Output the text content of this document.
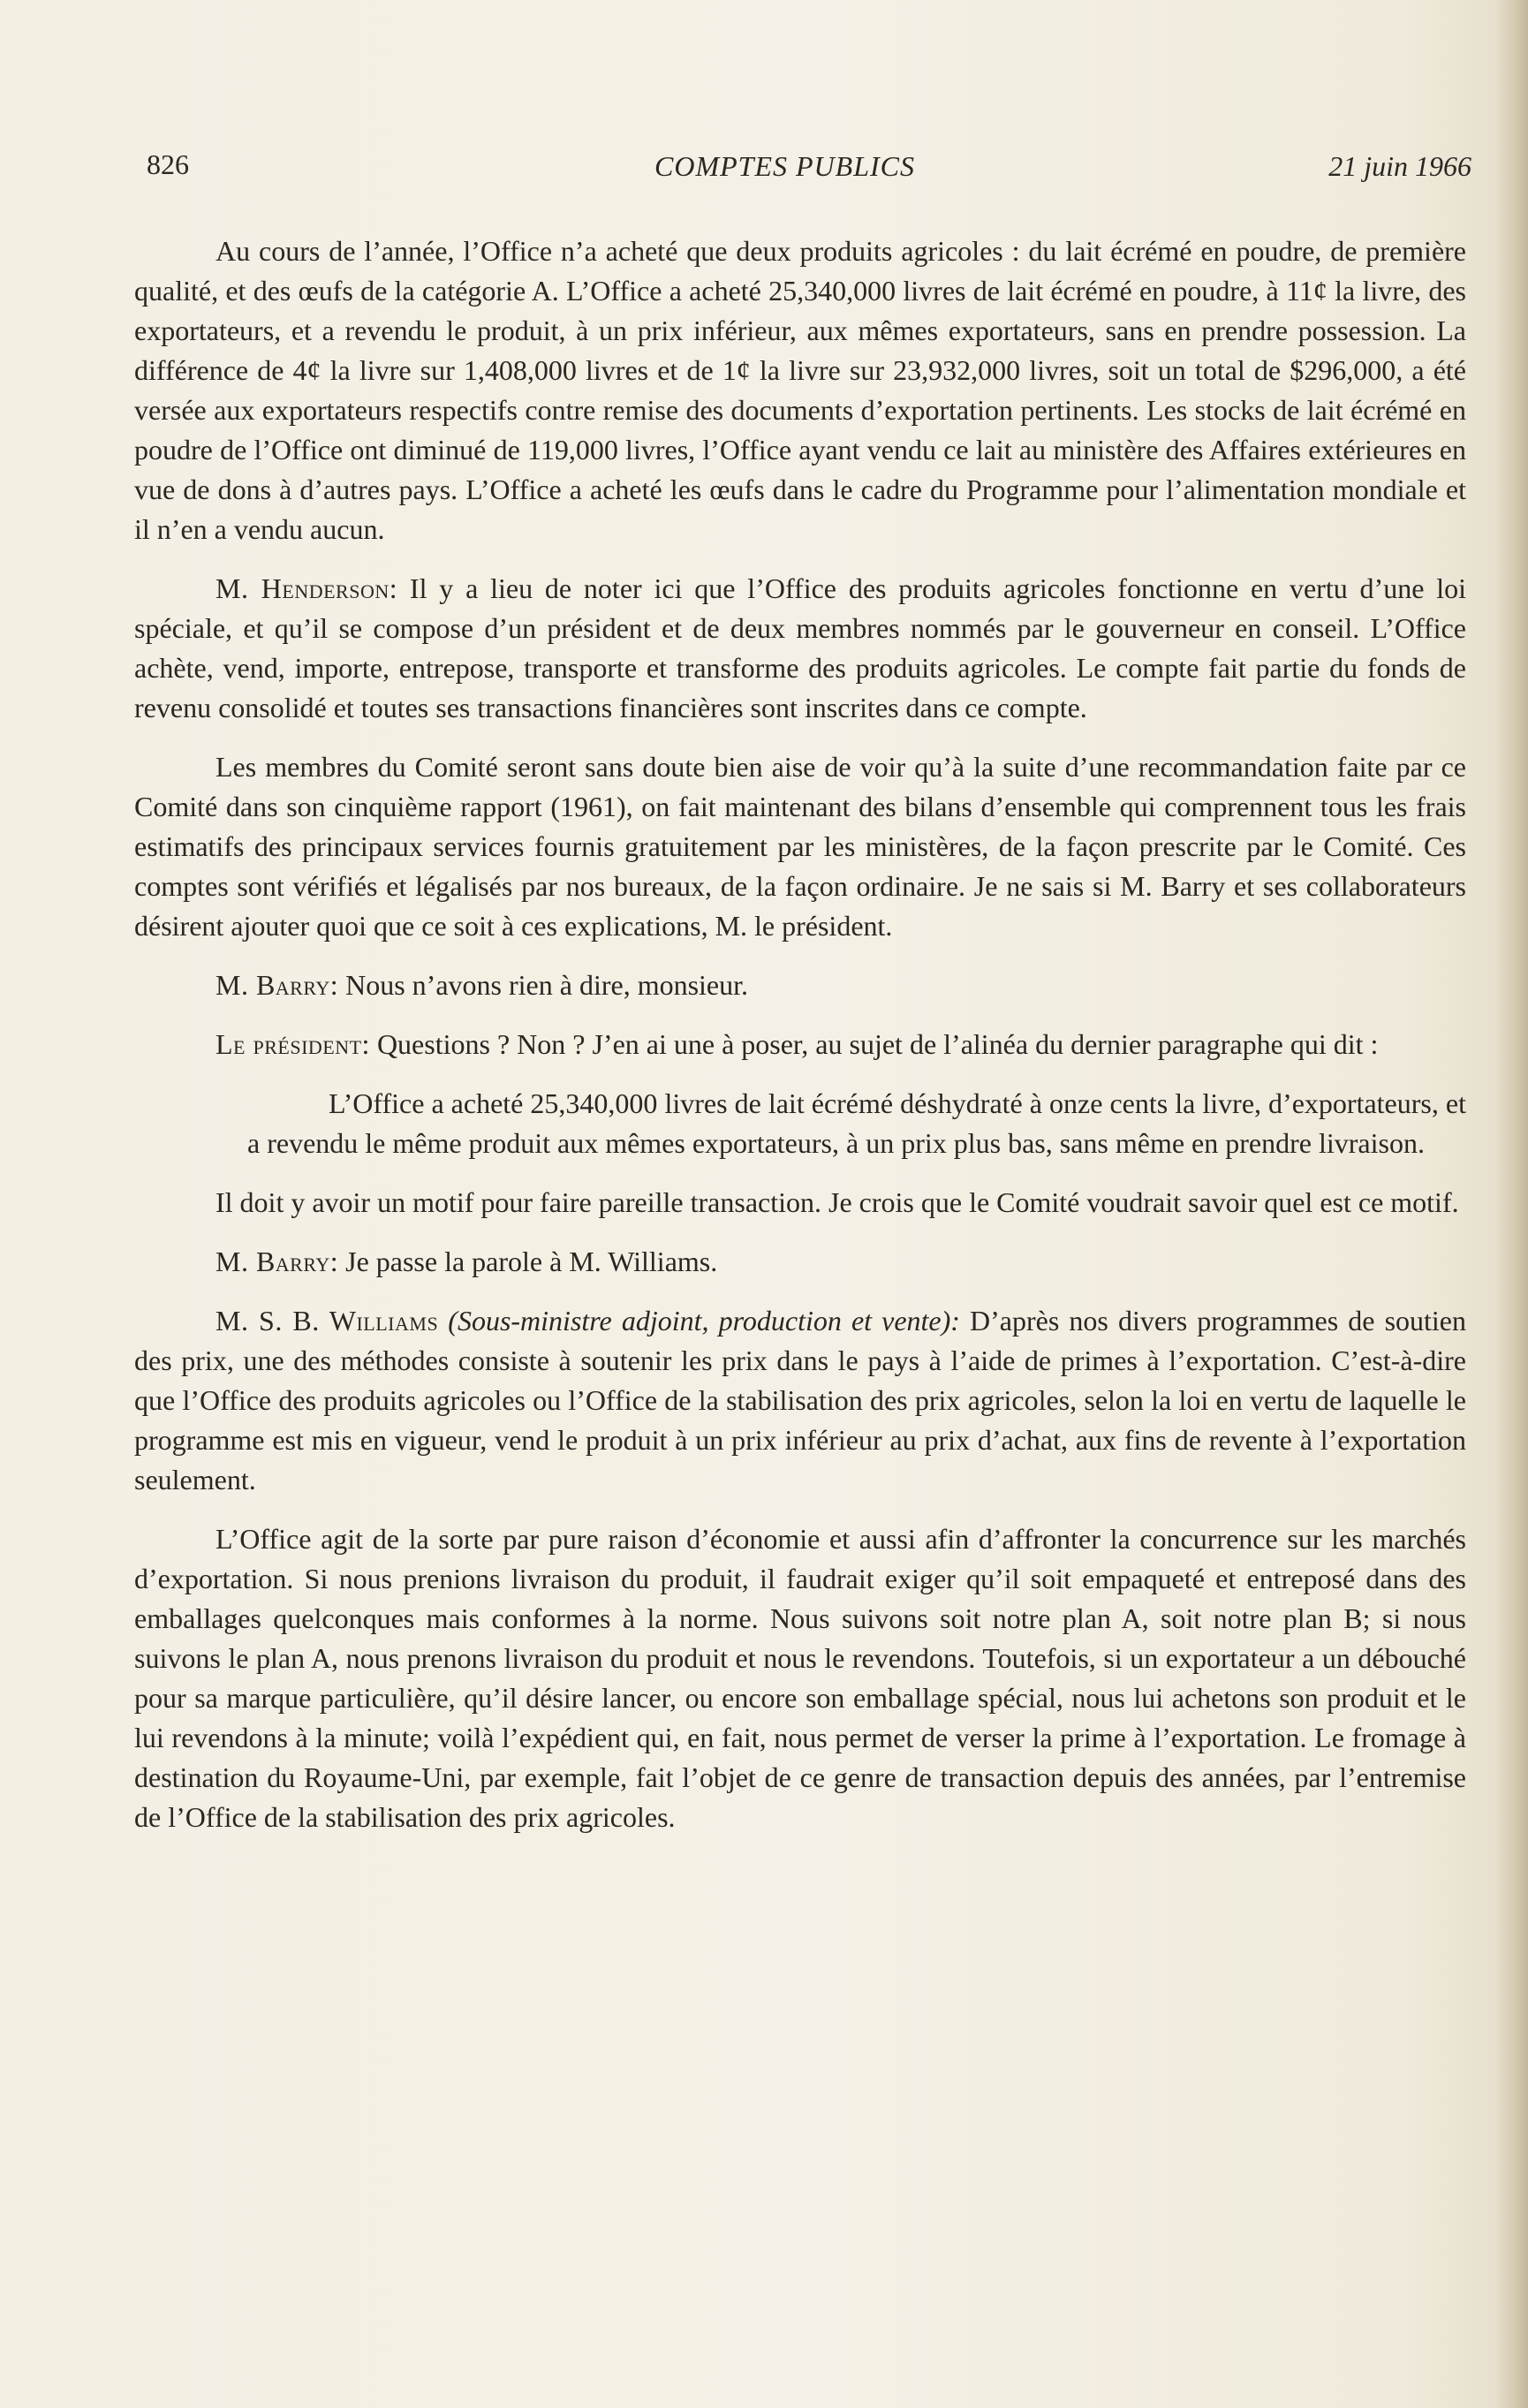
826	COMPTES PUBLICS	21 juin 1966

Au cours de l’année, l’Office n’a acheté que deux produits agricoles : du lait écrémé en poudre, de première qualité, et des œufs de la catégorie A. L’Office a acheté 25,340,000 livres de lait écrémé en poudre, à 11¢ la livre, des exportateurs, et a revendu le produit, à un prix inférieur, aux mêmes exportateurs, sans en prendre possession. La différence de 4¢ la livre sur 1,408,000 livres et de 1¢ la livre sur 23,932,000 livres, soit un total de $296,000, a été versée aux exportateurs respectifs contre remise des documents d’exportation pertinents. Les stocks de lait écrémé en poudre de l’Office ont diminué de 119,000 livres, l’Office ayant vendu ce lait au ministère des Affaires extérieures en vue de dons à d’autres pays. L’Office a acheté les œufs dans le cadre du Programme pour l’alimentation mondiale et il n’en a vendu aucun.

M. Henderson: Il y a lieu de noter ici que l’Office des produits agricoles fonctionne en vertu d’une loi spéciale, et qu’il se compose d’un président et de deux membres nommés par le gouverneur en conseil. L’Office achète, vend, importe, entrepose, transporte et transforme des produits agricoles. Le compte fait partie du fonds de revenu consolidé et toutes ses transactions financières sont inscrites dans ce compte.

Les membres du Comité seront sans doute bien aise de voir qu’à la suite d’une recommandation faite par ce Comité dans son cinquième rapport (1961), on fait maintenant des bilans d’ensemble qui comprennent tous les frais estimatifs des principaux services fournis gratuitement par les ministères, de la façon prescrite par le Comité. Ces comptes sont vérifiés et légalisés par nos bureaux, de la façon ordinaire. Je ne sais si M. Barry et ses collaborateurs désirent ajouter quoi que ce soit à ces explications, M. le président.

M. Barry: Nous n’avons rien à dire, monsieur.

Le président: Questions ? Non ? J’en ai une à poser, au sujet de l’alinéa du dernier paragraphe qui dit :

L’Office a acheté 25,340,000 livres de lait écrémé déshydraté à onze cents la livre, d’exportateurs, et a revendu le même produit aux mêmes exportateurs, à un prix plus bas, sans même en prendre livraison.

Il doit y avoir un motif pour faire pareille transaction. Je crois que le Comité voudrait savoir quel est ce motif.

M. Barry: Je passe la parole à M. Williams.

M. S. B. Williams (Sous-ministre adjoint, production et vente): D’après nos divers programmes de soutien des prix, une des méthodes consiste à soutenir les prix dans le pays à l’aide de primes à l’exportation. C’est-à-dire que l’Office des produits agricoles ou l’Office de la stabilisation des prix agricoles, selon la loi en vertu de laquelle le programme est mis en vigueur, vend le produit à un prix inférieur au prix d’achat, aux fins de revente à l’exportation seulement.

L’Office agit de la sorte par pure raison d’économie et aussi afin d’affronter la concurrence sur les marchés d’exportation. Si nous prenions livraison du produit, il faudrait exiger qu’il soit empaqueté et entreposé dans des emballages quelconques mais conformes à la norme. Nous suivons soit notre plan A, soit notre plan B; si nous suivons le plan A, nous prenons livraison du produit et nous le revendons. Toutefois, si un exportateur a un débouché pour sa marque particulière, qu’il désire lancer, ou encore son emballage spécial, nous lui achetons son produit et le lui revendons à la minute; voilà l’expédient qui, en fait, nous permet de verser la prime à l’exportation. Le fromage à destination du Royaume-Uni, par exemple, fait l’objet de ce genre de transaction depuis des années, par l’entremise de l’Office de la stabilisation des prix agricoles.
